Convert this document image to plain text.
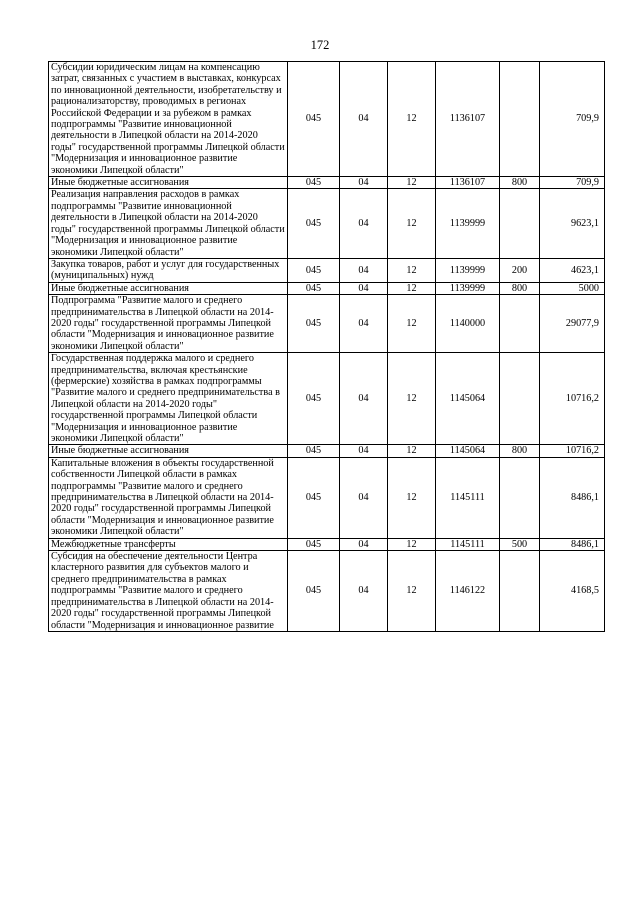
172
Субсидии юридическим лицам на компенсацию затрат, связанных с участием в выставках, конкурсах по инновационной деятельности, изобретательству и рационализаторству, проводимых в регионах Российской Федерации и за рубежом в рамках подпрограммы "Развитие инновационной деятельности в Липецкой области на 2014-2020 годы" государственной программы Липецкой области "Модернизация и инновационное развитие экономики Липецкой области"	045	04	12	1136107		709,9
Иные бюджетные ассигнования	045	04	12	1136107	800	709,9
Реализация направления расходов в рамках подпрограммы "Развитие инновационной деятельности в Липецкой области на 2014-2020 годы" государственной программы Липецкой области "Модернизация и инновационное развитие экономики Липецкой области"	045	04	12	1139999		9623,1
Закупка товаров, работ и услуг для государственных (муниципальных) нужд	045	04	12	1139999	200	4623,1
Иные бюджетные ассигнования	045	04	12	1139999	800	5000
Подпрограмма "Развитие малого и среднего предпринимательства в Липецкой области на 2014-2020 годы" государственной программы Липецкой области "Модернизация и инновационное развитие экономики Липецкой области"	045	04	12	1140000		29077,9
Государственная поддержка малого и среднего предпринимательства, включая крестьянские (фермерские) хозяйства в рамках подпрограммы "Развитие малого и среднего предпринимательства в Липецкой области на 2014-2020 годы" государственной программы Липецкой области "Модернизация и инновационное развитие экономики Липецкой области"	045	04	12	1145064		10716,2
Иные бюджетные ассигнования	045	04	12	1145064	800	10716,2
Капитальные вложения в объекты государственной собственности Липецкой области в рамках подпрограммы "Развитие малого и среднего предпринимательства в Липецкой области на 2014-2020 годы" государственной программы Липецкой области "Модернизация и инновационное развитие экономики Липецкой области"	045	04	12	1145111		8486,1
Межбюджетные трансферты	045	04	12	1145111	500	8486,1
Субсидия на обеспечение деятельности Центра кластерного развития для субъектов малого и среднего предпринимательства в рамках подпрограммы "Развитие малого и среднего предпринимательства в Липецкой области на 2014-2020 годы" государственной программы Липецкой области "Модернизация и инновационное развитие	045	04	12	1146122		4168,5
